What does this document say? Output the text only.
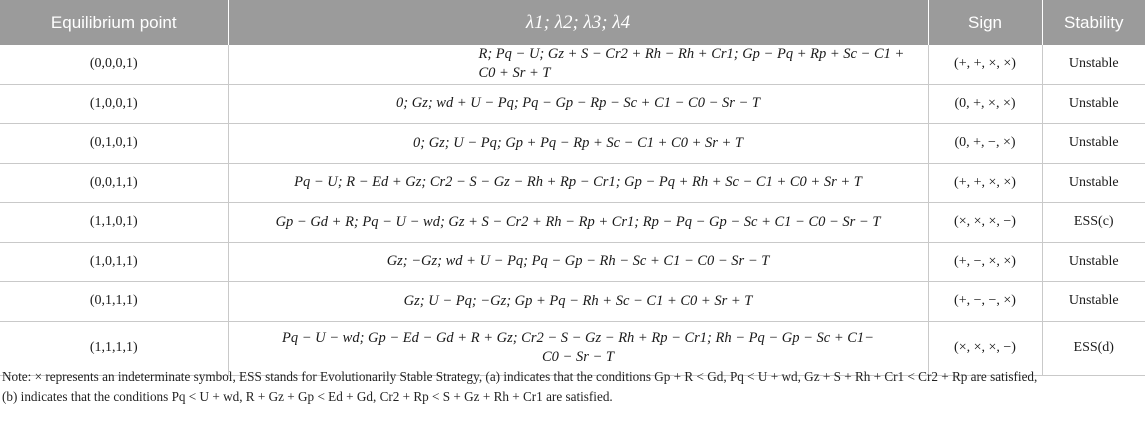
Equilibrium point	λ1; λ2; λ3; λ4	Sign	Stability
(0,0,0,1)	R; Pq − U; Gz + S − Cr2 + Rh − Rh + Cr1; Gp − Pq + Rp + Sc − C1 + C0 + Sr + T	(+, +, ×, ×)	Unstable
(1,0,0,1)	0; Gz; wd + U − Pq; Pq − Gp − Rp − Sc + C1 − C0 − Sr − T	(0, +, ×, ×)	Unstable
(0,1,0,1)	0; Gz; U − Pq; Gp + Pq − Rp + Sc − C1 + C0 + Sr + T	(0, +, −, ×)	Unstable
(0,0,1,1)	Pq − U; R − Ed + Gz; Cr2 − S − Gz − Rh + Rp − Cr1; Gp − Pq + Rh + Sc − C1 + C0 + Sr + T	(+, +, ×, ×)	Unstable
(1,1,0,1)	Gp − Gd + R; Pq − U − wd; Gz + S − Cr2 + Rh − Rp + Cr1; Rp − Pq − Gp − Sc + C1 − C0 − Sr − T	(×, ×, ×, −)	ESS(c)
(1,0,1,1)	Gz; −Gz; wd + U − Pq; Pq − Gp − Rh − Sc + C1 − C0 − Sr − T	(+, −, ×, ×)	Unstable
(0,1,1,1)	Gz; U − Pq; −Gz; Gp + Pq − Rh + Sc − C1 + C0 + Sr + T	(+, −, −, ×)	Unstable
(1,1,1,1)	Pq − U − wd; Gp − Ed − Gd + R + Gz; Cr2 − S − Gz − Rh + Rp − Cr1; Rh − Pq − Gp − Sc + C1−
C0 − Sr − T	(×, ×, ×, −)	ESS(d)
Note: × represents an indeterminate symbol, ESS stands for Evolutionarily Stable Strategy, (a) indicates that the conditions Gp + R < Gd, Pq < U + wd, Gz + S + Rh + Cr1 < Cr2 + Rp are satisfied,
(b) indicates that the conditions Pq < U + wd, R + Gz + Gp < Ed + Gd, Cr2 + Rp < S + Gz + Rh + Cr1 are satisfied.
